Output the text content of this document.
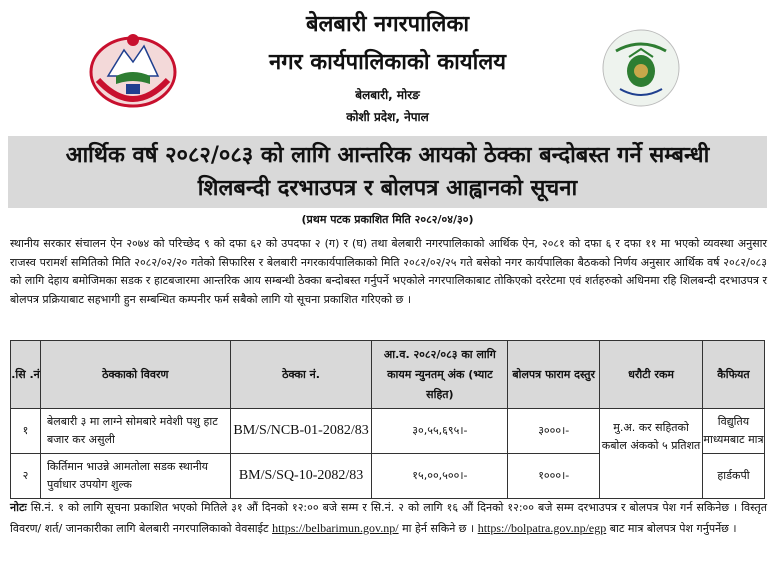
बेलबारी नगरपालिका
नगर कार्यपालिकाको कार्यालय
बेलबारी, मोरङ
कोशी प्रदेश, नेपाल
आर्थिक वर्ष २०८२/०८३ को लागि आन्तरिक आयको ठेक्का बन्दोबस्त गर्ने सम्बन्धी
शिलबन्दी दरभाउपत्र र बोलपत्र आह्वानको सूचना
(प्रथम पटक प्रकाशित मिति २०८२/०४/३०)
स्थानीय सरकार संचालन ऐन २०७४ को परिच्छेद ९ को दफा ६२ को उपदफा २ (ग) र (घ) तथा बेलबारी नगरपालिकाको आर्थिक ऐन, २०८१ को दफा ६ र दफा ११ मा भएको व्यवस्था अनुसार राजस्व परामर्श समितिको मिति २०८२/०२/२० गतेको सिफारिस र बेलबारी नगरकार्यपालिकाको मिति २०८२/०२/२५ गते बसेको नगर कार्यपालिका बैठकको निर्णय अनुसार आर्थिक वर्ष २०८२/०८३ को लागि देहाय बमोजिमका सडक र हाटबजारमा आन्तरिक आय सम्बन्धी ठेक्का बन्दोबस्त गर्नुपर्ने भएकोले नगरपालिकाबाट तोकिएको दररेटमा एवं शर्तहरुको अधिनमा रहि शिलबन्दी दरभाउपत्र र बोलपत्र प्रक्रियाबाट सहभागी हुन सम्बन्धित कम्पनीर फर्म सबैको लागि यो सूचना प्रकाशित गरिएको छ ।
.सि .नं	ठेक्काको विवरण	ठेक्का नं.	आ.व. २०८२/०८३ का लागि कायम न्युनतम् अंक (भ्याट सहित)	बोलपत्र फाराम दस्तुर	धरौटी रकम	कैफियत
१	बेलबारी ३ मा लाग्ने सोमबारे मवेशी पशु हाट बजार कर असुली	BM/S/NCB-01-2082/83	३०,५५,६९५।-	३०००।-	मु.अ. कर सहितको कबोल अंकको ५ प्रतिशत	विद्युतिय माध्यमबाट मात्र
२	किर्तिमान भाउन्ने आमतोला सडक स्थानीय पुर्वाधार उपयोग शुल्क	BM/S/SQ-10-2082/83	१५,००,५००।-	१०००।-		हार्डकपी
नोटः सि.नं. १ को लागि सूचना प्रकाशित भएको मितिले ३१ औं दिनको १२:०० बजे सम्म र सि.नं. २ को लागि १६ औं दिनको १२:०० बजे सम्म दरभाउपत्र र बोलपत्र पेश गर्न सकिनेछ । विस्तृत विवरण/ शर्त/ जानकारीका लागि बेलबारी नगरपालिकाको वेवसाईट https://belbarimun.gov.np/ मा हेर्न सकिने छ । https://bolpatra.gov.np/egp बाट मात्र बोलपत्र पेश गर्नुपर्नेछ ।
